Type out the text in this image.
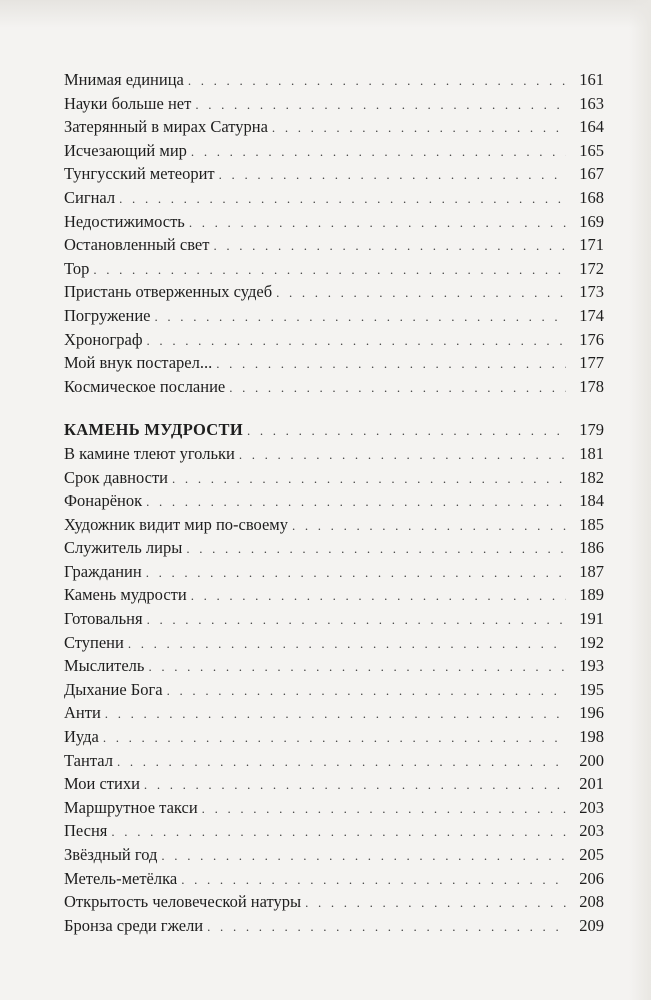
Мнимая единица . . .	161
Науки больше нет . . .	163
Затерянный в мирах Сатурна . . .	164
Исчезающий мир . . .	165
Тунгусский метеорит . . .	167
Сигнал . . .	168
Недостижимость . . .	169
Остановленный свет . . .	171
Тор . . .	172
Пристань отверженных судеб . . .	173
Погружение . . .	174
Хронограф . . .	176
Мой внук постарел... . . .	177
Космическое послание . . .	178
КАМЕНЬ МУДРОСТИ . . .	179
В камине тлеют угольки . . .	181
Срок давности . . .	182
Фонарёнок . . .	184
Художник видит мир по-своему . . .	185
Служитель лиры . . .	186
Гражданин . . .	187
Камень мудрости . . .	189
Готовальня . . .	191
Ступени . . .	192
Мыслитель . . .	193
Дыхание Бога . . .	195
Анти . . .	196
Иуда . . .	198
Тантал . . .	200
Мои стихи . . .	201
Маршрутное такси . . .	203
Песня . . .	203
Звёздный год . . .	205
Метель-метёлка . . .	206
Открытость человеческой натуры . . .	208
Бронза среди гжели . . .	209
